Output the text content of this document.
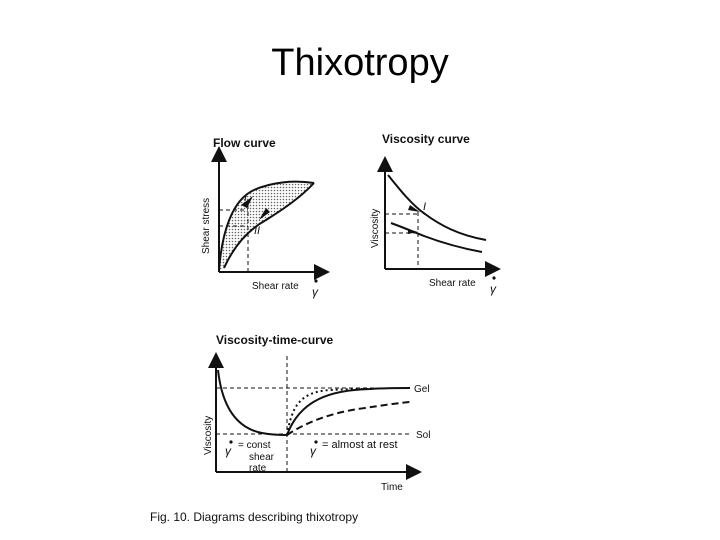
Thixotropy
Flow curve
I
II
Shear stress
Shear rate γ
Viscosity curve
I
Viscosity
Shear rate γ
Viscosity-time-curve
Gel
Sol
Viscosity
Time
γ = const
shear
rate
γ = almost at rest
Fig. 10. Diagrams describing thixotropy
